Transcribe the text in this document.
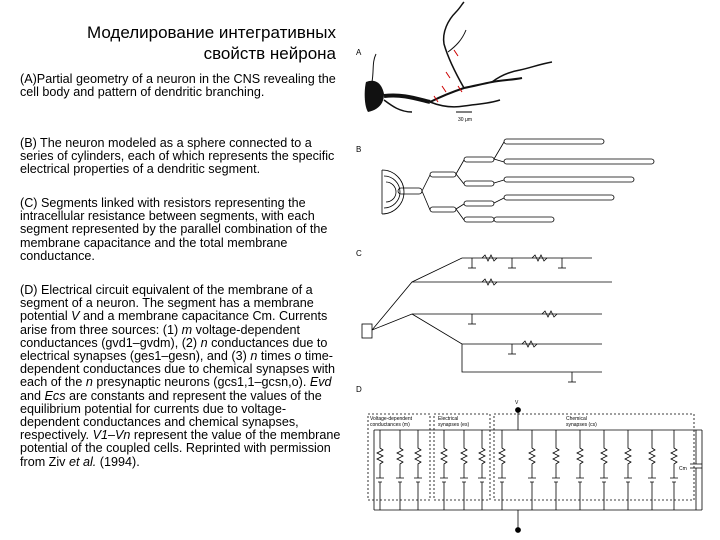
Моделирование интегративных
свойств нейрона
(A)Partial geometry of a neuron in the CNS revealing the cell body and pattern of dendritic branching.
(B) The neuron modeled as a sphere connected to a series of cylinders, each of which represents the specific electrical properties of a dendritic segment.
(C) Segments linked with resistors representing the intracellular resistance between segments, with each segment represented by the parallel combination of the membrane capacitance and the total membrane conductance.
(D) Electrical circuit equivalent of the membrane of a segment of a neuron. The segment has a membrane potential V and a membrane capacitance Cm. Currents arise from three sources: (1) m voltage-dependent conductances (gvd1–gvdm), (2) n conductances due to electrical synapses (ges1–gesn), and (3) n times o time-dependent conductances due to chemical synapses with each of the n presynaptic neurons (gcs1,1–gcsn,o). Evd and Ecs are constants and represent the values of the equilibrium potential for currents due to voltage-dependent conductances and chemical synapses, respectively. V1–Vn represent the value of the membrane potential of the coupled cells. Reprinted with permission from Ziv et al. (1994).
A
30 μm
B
C
D
V
Voltage-dependent
conductances (m)
Electrical
synapses (es)
Chemical
synapses (cs)
Cm
